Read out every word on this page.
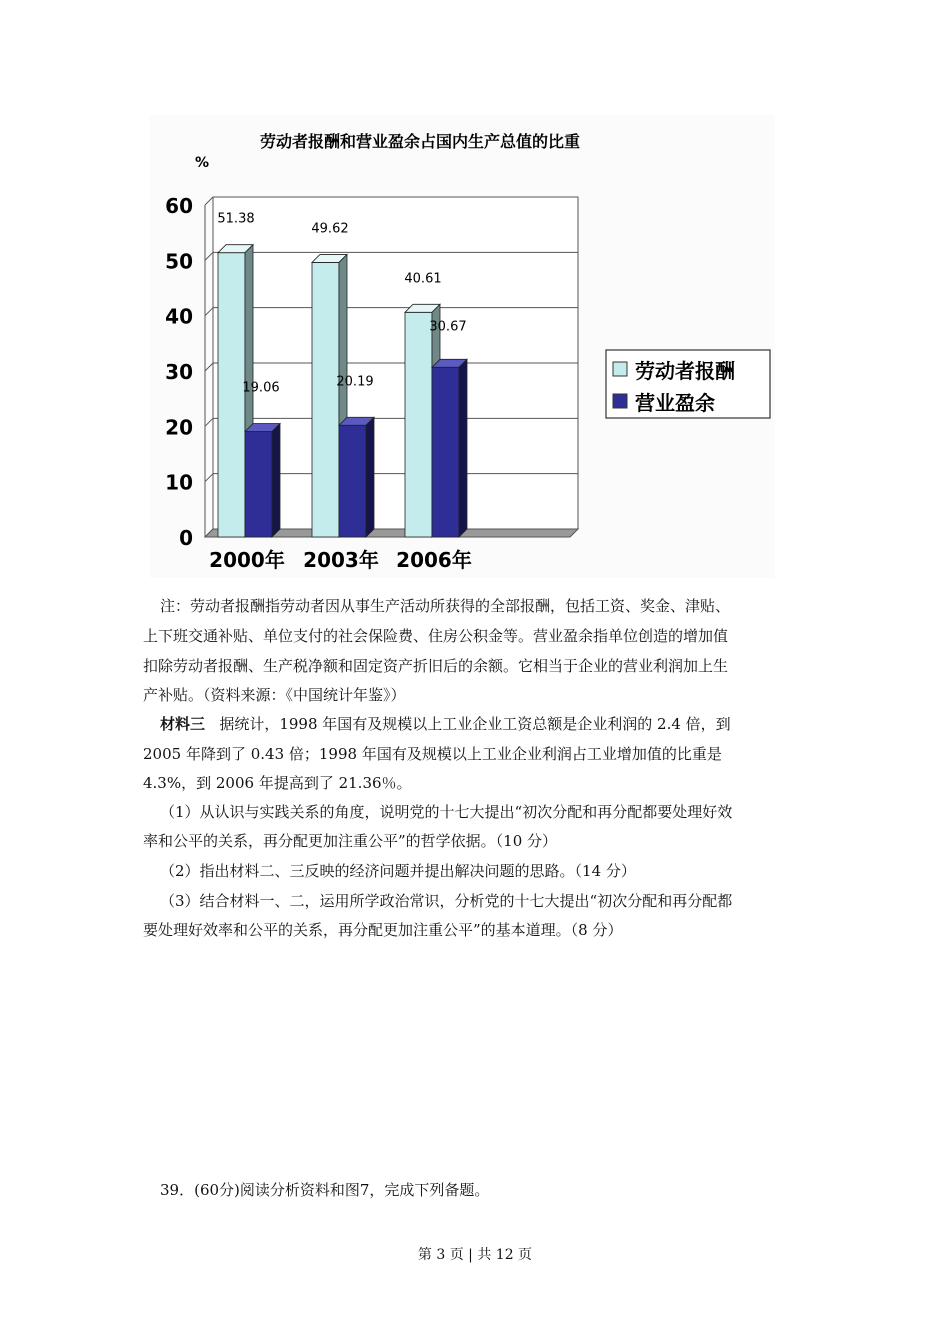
劳动者报酬和营业盈余占国内生产总值的比重
%
0
10
20
30
40
50
60
51.38
19.06
2000年
49.62
20.19
2003年
40.61
30.67
2006年
劳动者报酬
营业盈余
注：劳动者报酬指劳动者因从事生产活动所获得的全部报酬，包括工资、奖金、津贴、
上下班交通补贴、单位支付的社会保险费、住房公积金等。营业盈余指单位创造的增加值
扣除劳动者报酬、生产税净额和固定资产折旧后的余额。它相当于企业的营业利润加上生
产补贴。（资料来源：《中国统计年鉴》）
材料三 据统计，1998 年国有及规模以上工业企业工资总额是企业利润的 2.4 倍，到
2005 年降到了 0.43 倍；1998 年国有及规模以上工业企业利润占工业增加值的比重是
4.3%，到 2006 年提高到了 21.36％。
（1）从认识与实践关系的角度，说明党的十七大提出“初次分配和再分配都要处理好效
率和公平的关系，再分配更加注重公平”的哲学依据。（10 分）
（2）指出材料二、三反映的经济问题并提出解决问题的思路。（14 分）
（3）结合材料一、二，运用所学政治常识，分析党的十七大提出“初次分配和再分配都
要处理好效率和公平的关系，再分配更加注重公平”的基本道理。（8 分）
39．(60分)阅读分析资料和图7，完成下列备题。
第 3 页 | 共 12 页
